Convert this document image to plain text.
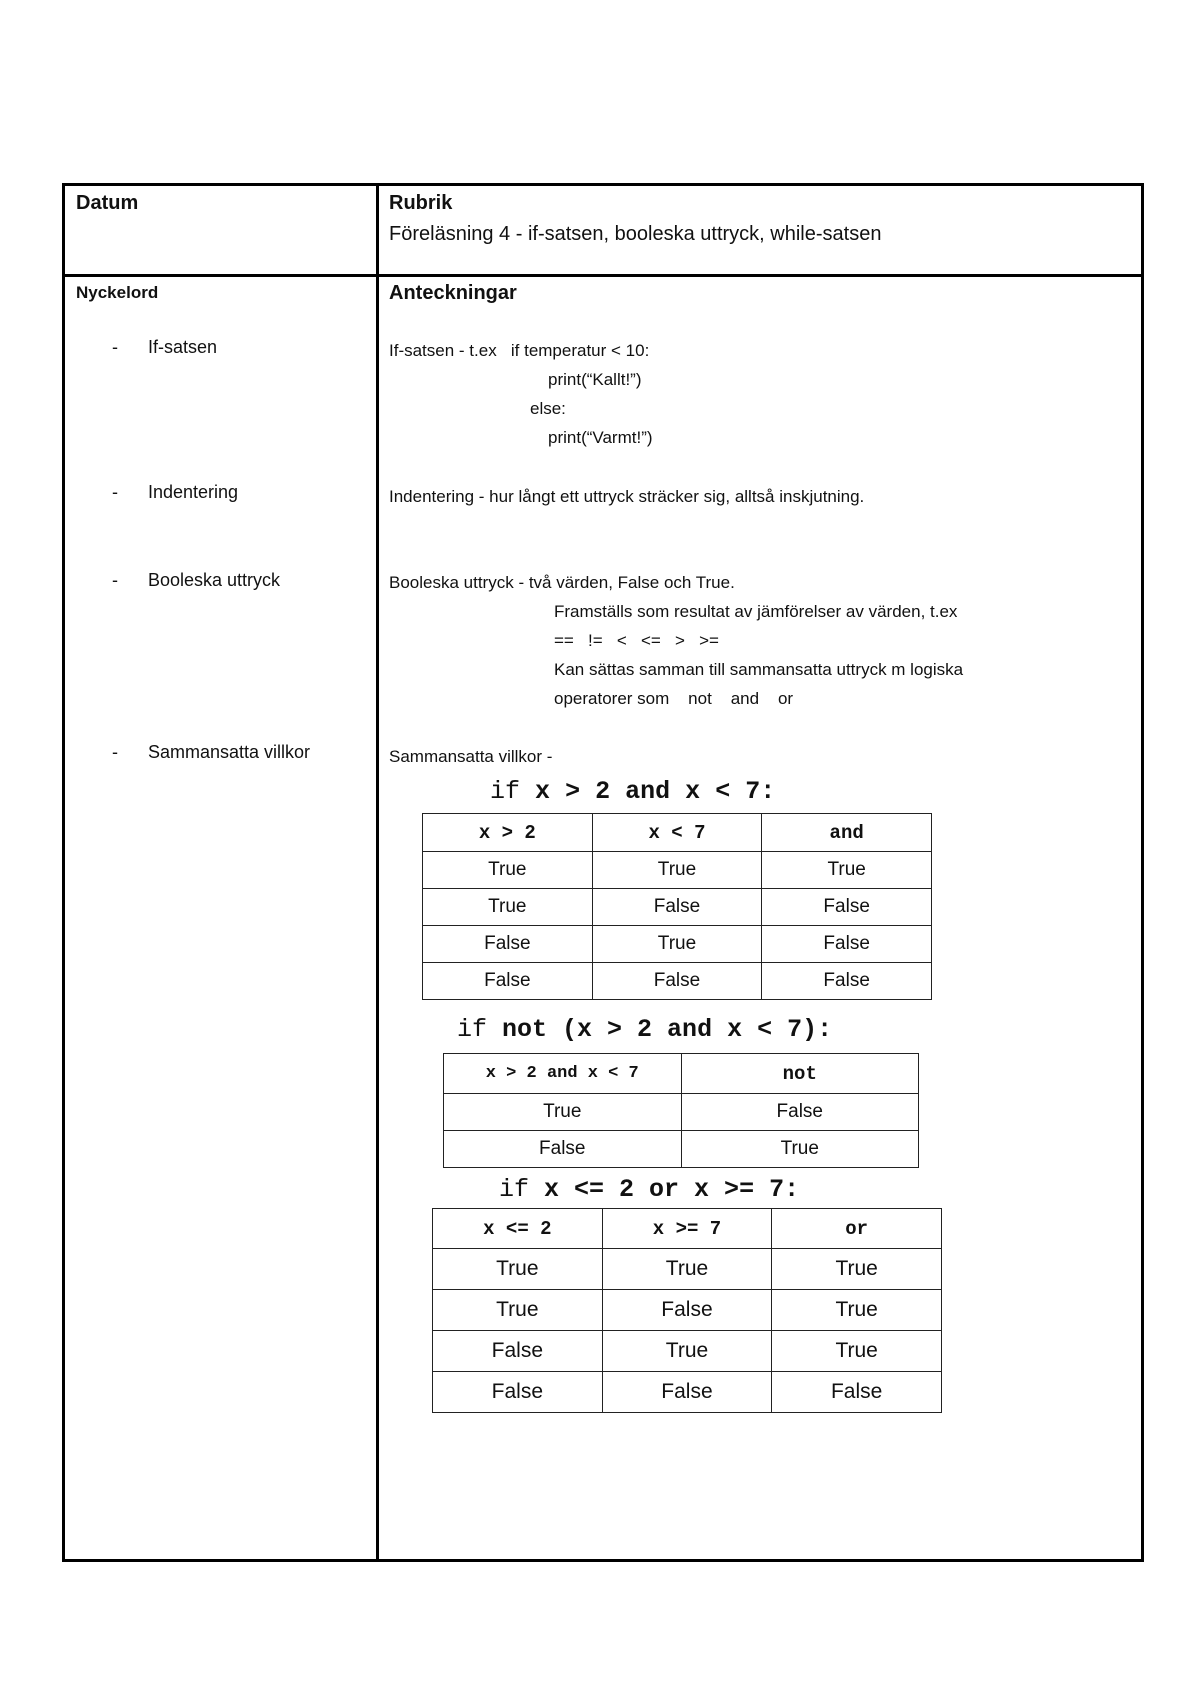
Datum	Rubrik
Föreläsning 4 - if-satsen, booleska uttryck, while-satsen
Nyckelord
- If-satsen
- Indentering
- Booleska uttryck
- Sammansatta villkor
Anteckningar
If-satsen - t.ex   if temperatur < 10:
print(“Kallt!”)
else:
print(“Varmt!”)
Indentering - hur långt ett uttryck sträcker sig, alltså inskjutning.
Booleska uttryck - två värden, False och True.
Framställs som resultat av jämförelser av värden, t.ex
==   !=   <   <=   >   >=
Kan sättas samman till sammansatta uttryck m logiska
operatorer som    not    and    or
Sammansatta villkor -
if x > 2 and x < 7:
x > 2	x < 7	and
True	True	True
True	False	False
False	True	False
False	False	False
if not (x > 2 and x < 7):
x > 2 and x < 7	not
True	False
False	True
if x <= 2 or x >= 7:
x <= 2	x >= 7	or
True	True	True
True	False	True
False	True	True
False	False	False
